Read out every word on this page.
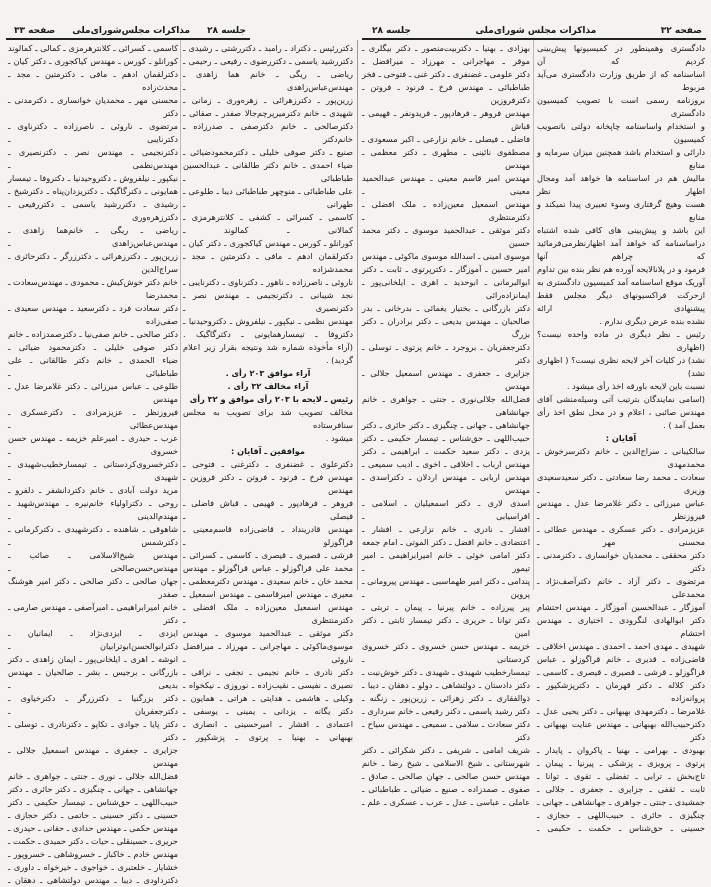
صفحه ۳۳ مذاکرات مجلس‌شورای‌ملی جلسه ۲۸	جلسه ۲۸	مذاکرات مجلس شورای‌ملی	صفحه ۳۲
کاسمی ـ کسرائی ـ کلانترهرمزی ـ کمالی ـ کمالوند
کورانلو ـ کورس ـ مهندس کیاکجوری ـ دکتر کیان ـ
دکترلقمان ادهم ـ مافی ـ دکترمتین ـ مجد ـ محدث‌زاده
محسنی مهر ـ محمدیان خوانساری ـ دکترمدنی ـ دکتر
مرتضوی ـ ناروئی ـ ناصرزاده ـ دکترناوی ـ دکترنایبی ـ
دکترنجیمی ـ مهندس نصر ـ دکترنصیری ـ مهندس‌نظمی ـ
نیکپور ـ نیلفروش ـ دکتروحیدنیا ـ دکتروفا ـ تیمسار
همایونی ـ دکترگاگیک ـ دکتریزدان‌پناه ـ دکترشیخ ـ
رشیدی ـ دکتررشید یاسمی ـ دکتررفیعی ـ دکترزهره‌وری
ریاضی ـ ریگی ـ خانم‌هما زاهدی ـ مهندس‌عباس‌زاهدی ـ
زرین‌پور ـ دکترزهرائی ـ دکترزرگر ـ دکترحائری ـ سراج‌الدین
خانم دکتر خوش‌کیش ـ محمودی ـ مهندس‌سعادت ـ محمدرضا
دکتر سعادت فرد ـ دکترسعید ـ مهندس سعیدی ـ صفی‌زاده
دکتر صالحی ـ خانم صفی‌نیا ـ دکترصمدزاده ـ خانم
دکتر صوفی خلیلی ـ دکترمحمود ضیائی ـ
ضیاء الحمدی ـ خانم دکتر طالقانی ـ علی طباطبائی ـ
طلوعی ـ عباس میرزائی ـ دکتر غلامرضا عدل ـ مهندس
فیروزنظر ـ عزیزمرادی ـ دکترعسکری ـ مهندس‌عطائی ـ
عرب ـ حیدری ـ امیرعلم خزیمه ـ مهندس حسن خسروی ـ
دکترخسروی‌کردستانی ـ تیمسارخطیب‌شهیدی ـ شهیدی ـ
مرید دولت آبادی ـ خانم دکتردانشفر ـ دلفرو ـ
روحی ـ دکتراولیاء خانم‌نیره ـ مهندس‌شهید ـ مهندم‌الدینی ـ
شاهوقی ـ شاهنده ـ دکترشهیدی ـ دکترکرمانی ـ دکترشمس ـ
مهندس شیخ‌الاسلامی ـ صائب ـ مهندس‌حسن‌صالحی ـ
جهان صالحی ـ دکتر صالحی ـ دکتر امیر هوشنگ صفدر
خانم امیرابراهیمی ـ امیرآصفی ـ مهندس صارمی ـ دکتر
ایزدی ـ ایزدی‌نژاد ـ ایمانیان ـ دکترابوالحسن‌ابوترابیان ـ
انوشه ـ اهری ـ ایلخانی‌پور ـ ایمان زاهدی ـ دکتر
بازرگانی ـ برجیس ـ بشر ـ صالحیان ـ مهندس بدیعی ـ
دکتر بزرگنیا ـ دکترزرگر ـ دکترخیاوی ـ دکترجعفریان ـ
دکتر پایا ـ جوادی ـ تکاپو ـ دکترنادری ـ توسلی ـ دکتر
جزایری ـ جعفری ـ مهندس اسمعیل جلالی ـ مهندس
فضل‌الله جلالی ـ نوری ـ جنتی ـ جواهری ـ خانم
جهانشاهی ـ جهانی ـ چنگیزی ـ دکتر حائری ـ دکتر
حبیب‌اللهی ـ حق‌شناس ـ تیمسار حکیمی ـ دکتر
حسینی ـ دکتر حسینی ـ حاتمی ـ دکتر حجازی ـ
مهندس حکمی ـ مهندس حدادی ـ حقانی ـ حیدری ـ
حریری ـ حسینقلی ـ حیات ـ دکتر حمیدی ـ حکمت ـ
مهندس خادم ـ خاکباز ـ خسروشاهی ـ خسروپور ـ
خشایار ـ خلعتبری ـ خواجوی ـ خیرخواه ـ داوری ـ
دکترداودی ـ دیبا ـ مهندس دولتشاهی ـ دهقان ـ
دکتررئیس ـ دکتراد ـ رامبد ـ دکتررشتی ـ رشیدی ـ
دکتررشید یاسمی ـ دکتررضوی ـ رفیعی ـ رحیمی ـ
ریاضی ـ ریگی ـ خانم هما زاهدی ـ مهندس‌عباس‌زاهدی ـ
زرین‌پور ـ دکترزهرائی ـ زهره‌وری ـ زمانی ـ
شهیدی ـ خانم دکترمیرپرچم‌جالا صفدر ـ صفائی ـ
دکترصالحی ـ خانم دکترصفی ـ صدرزاده ـ خانم‌دکتر
صنیع ـ دکتر صوفی خلیلی ـ دکترمحمودضیائی ـ
ضیاء احمدی ـ خانم دکتر طالقانی ـ عبدالحسین طباطبائی ـ
علی طباطبائی ـ منوچهر طباطبائی دیبا ـ طلوعی ـ طهرانی ـ
کاسمی ـ کسرائی ـ کشفی ـ کلانترهرمزی ـ کمالانی ـ کمالوند ـ
کورانلو ـ کورس ـ مهندس کیاکجوری ـ دکتر کیان ـ
دکترلقمان ادهم ـ مافی ـ دکترمتین ـ مجد ـ محمدشزاده
ناروئی ـ ناصرزاده ـ ناهور ـ دکترناوی ـ دکترنایبی ـ
نجد شیبانی ـ دکترنجیمی ـ مهندس نصر ـ دکترنصیری ـ
مهندس نظمی ـ نیکپور ـ نیلفروش ـ دکتروحیدنیا ـ
دکتروفا ـ تیمسارهمایونی ـ دکترگاگیک .
(آراء مأخوذه شماره شد ونتیجه بقرار زیر اعلام
گردید) .
آراء موافق ۲۰۳ رأی .
آراء مخالف ۳۲ رأی .
رئیس ـ لایحه با ۲۰۳ رأی موافق و ۳۲ رأی
مخالف تصویب شد برای تصویب به مجلس سنافرستاده
میشود .
موافقین ـ آقایان :
دکترعلوی ـ غضنفری ـ دکترغنی ـ فتوحی ـ
مهندس فرخ ـ فرنود ـ فروتن ـ دکتر فروزین ـ مهندس
فروهر ـ فرهادپور ـ فهیمی ـ قباش فاضلی ـ فیصلی ـ
مهندس قادرینداد ـ قاضی‌زاده قاسم‌معینی ـ قراگوزلو ـ
قرشی ـ قصیری ـ قیصری ـ کاسمی ـ کسرائی ـ
محمد علی قراگوزلو ـ عباس قراگوزلو ـ مهندس
محمد خان ـ خانم سعیدی ـ مهندس دکترمعظمی ـ
معیری ـ مهندس امیرقاسمی ـ مهندس اسمعیل ـ
مهندس اسمعیل معین‌زاده ـ ملک افضلی ـ دکترمنتظری ـ
دکتر موثقی ـ عبدالحمید موسوی ـ مهندس
موسوی‌ماکوئی ـ مهاجرانی ـ مهرزاد ـ میرافضل ناروئی ـ
دکتر نادری ـ خانم نجیمی ـ نجفی ـ نراقی ـ
نصیری ـ نفیسی ـ نقیب‌زاده ـ نوروزی ـ نیکخواه ـ
وکیلی ـ هاشمی ـ هدایتی ـ هراتی ـ همایون ـ
دکتر یگانه ـ یزدانی ـ یمینی ـ یوسفی ـ
اعتمادی ـ افشار ـ امیرحسینی ـ انصاری ـ
بهبهانی ـ بهنیا ـ پرتوی ـ پزشکپور ـ
بهزادی ـ بهنیا ـ دکتربیت‌منصور ـ دکتر بیگلری ـ
موقر ـ مهاجرانی ـ مهرزاد ـ میرافضل ـ
دکتر علومی ـ غضنفری ـ دکتر غنی ـ فتوحی ـ فخر
طباطبائی ـ مهندس فرخ ـ فرنود ـ فروتن ـ دکترفروزین
مهندس فروهر ـ فرهادپور ـ فریدونفر ـ فهیمی ـ قباش
فاضلی ـ فیصلی ـ خانم نزارعی ـ اکبر مسعودی ـ
مصطفوی نائینی ـ مطهری ـ دکتر معظمی ـ مهندس
مهندس امیر قاسم معینی ـ مهندس عبدالحمید معینی ـ
مهندس اسمعیل معین‌زاده ـ ملک افضلی ـ دکترمنتظری ـ
دکتر موثقی ـ عبدالحمید موسوی ـ دکتر محمد حسین
موسوی امینی ـ اسدالله موسوی ماکوئی ـ مهندس
امیر حسین ـ آموزگار ـ دکترپرتوی ـ ثابت ـ دکتر
ابوالبرمانی ـ ابوحدید ـ اهری ـ ایلخانی‌پور ـ ایمانزاده‌رائی
دکتر بازرگانی ـ بختیار یغمائی ـ بدرخانی ـ بدر
صالحیان ـ مهندس بدیعی ـ دکتر برادران ـ دکتر بزرگ
دکترجعفریان ـ بروجرد ـ خانم پرتوی ـ توسلی ـ دکتر
جزایری ـ جعفری ـ مهندس اسمعیل جلالی ـ مهندس
فضل‌الله جلالی‌نوری ـ جنتی ـ جواهری ـ خانم جهانشاهی
جهانشاهی ـ جهانی ـ چنگیزی ـ دکتر حائری ـ دکتر
حبیب‌اللهی ـ حق‌شناس ـ تیمسار حکیمی ـ دکتر
یزدی ـ دکتر سعید حکمت ـ ابراهیمی ـ دکتر
مهندس ارباب ـ اخلاقی ـ اخوی ـ ادیب سمیعی ـ
مهندس اربابی ـ مهندس اردلان ـ دکتراسدی ـ مهندس
اسدی لاری ـ دکتر اسمعیلیان ـ اسلامی ـ افراسیابی ـ
افشار ـ نادری ـ خانم نزارعی ـ افشار ـ
اعتضادی ـ خانم افضل ـ دکتر الموتی ـ امام جمعه
دکتر امامی خوئی ـ خانم امیرابراهیمی ـ امیر تیمور ـ
پندامی ـ دکتر امیر طهماسبی ـ مهندس پیرومانی ـ پروین ـ
پیر پیرزاده ـ خانم پیرنیا ـ پیمان ـ تربتی ـ
دکتر توانا ـ حریری ـ دکتر تیمسار ثابتی ـ دکتر امین
خزیمه ـ مهندس حسن خسروی ـ دکتر خسروی کردستانی ـ
تیمسارخطیب شهیدی ـ شهیدی ـ دکتر خوش‌نیت ـ
دکتر دادستان ـ دولتشاهی ـ دولو ـ دهقان ـ دیبا ـ
ذوالفقاری ـ دکتر زهرائی ـ زرین‌پور ـ زنگنه ـ
دکتر رشید یاسمی ـ دکتر رفیعی ـ خانم سرداری ـ
دکتر سعادت ـ سلامی ـ سمیعی ـ مهندس سیاح ـ دکتر
شریف امامی ـ شریفی ـ دکتر شکرائی ـ دکتر
شهرستانی ـ شیخ الاسلامی ـ شیخ رضا ـ خانم
مهندس حسن صالحی ـ جهان صالحی ـ صادق ـ
صفوی ـ صمدزاده ـ صنیع ـ ضیائی ـ طباطبائی ـ
عاملی ـ عباسی ـ عدل ـ عرب ـ عسکری ـ علم ـ
دادگستری وهمینطور در کمیسیونها پیش‌بینی کردیم که آن
اساسنامه که از طریق وزارت دادگستری می‌آید مربوط
بروزنامه رسمی است با تصویب کمیسیون دادگستری
و استخدام واساسنامه چاپخانه دولتی باتصویب کمیسیون
دارائی و استخدام باشد همچنین میزان سرمایه و منابع
مالیش هم در اساسنامه ها خواهد آمد ومجال اظهار نظر
هست وهیچ گرفتاری وسوء تعبیری پیدا نمیکند و منابع
این باشد و پیش‌بینی های کافی شده اشتباه
دراساسنامه که خواهد آمد اظهارنظرمی‌فرمائید که چراهم آنها
فرمود و در پلانالایحه آورده هم نظر بنده بین تداوم
آوریک موقع اساسنامه آمد کمیسیون دادگستری به
ازحرکت فراکسیونهای دیگر مجلس فقط پیشنهادی ارائه
نشده بنده عرض دیگری ندارم .
رئیس ـ نظر دیگری در ماده واحده نیست؟ (اظهاری
نشد) در کلیات آخر لایحه نظری نیست؟ ( اظهاری نشد)
نسبت باین لایحه باورقه اخذ رأی میشود .
(اسامی نمایندگان بترتیب آتی وسیله‌منشی آقای
مهندس صائبی ، اعلام و در محل نطق اخذ رأی
بعمل آمد ) .
آقایان :
سالکیبانی ـ سراج‌الدین ـ خانم دکترسرخوش ـ محمدمهدی
سعادت ـ محمد رضا سعادتی ـ دکتر سعیدسعیدی وزیری ـ
عباس میرزائی ـ دکتر غلامرضا عدل ـ مهندس فیروزنظر ـ
عزیزمرادی ـ دکتر عسکری ـ مهندس عطائی ـ محسنی مهر ـ
دکتر محققی ـ محمدیان خوانساری ـ دکترمدنی ـ دکتر
مرتضوی ـ دکتر آزاد ـ خانم دکترآصف‌نژاد ـ محمدعلی
آموزگار ـ عبدالحسین آموزگار ـ مهندس احتشام
دکتر ابوالهادی لنگرودی ـ اختیاری ـ مهندس احتشام
شهیدی ـ مهدی احمد ـ احمدی ـ مهندس اخلاقی ـ
قاضی‌زاده ـ قدیری ـ خانم قراگوزلو ـ عباس
قراگوزلو ـ قرشی ـ قصیری ـ قیصری ـ کاسمی ـ
دکتر کلاله ـ دکتر قهرمان ـ دکترپزشکپور ـ پروانه‌زاده ـ
غلامرضا ـ دکترمهدی بهبهانی ـ دکتر یحیی عدل ـ
دکترحبیب‌الله بهبهانی ـ مهندس عنایت بهبهانی ـ دکتر
بهبودی ـ بهرامی ـ بهنیا ـ پاکروان ـ پایدار ـ
پرتوی ـ پرویزی ـ پزشکی ـ پیرنیا ـ پیمان ـ
تاج‌بخش ـ ترابی ـ تفضلی ـ تقوی ـ توانا ـ
ثابت ـ ثقفی ـ جزایری ـ جعفری ـ جلالی ـ
جمشیدی ـ جنتی ـ جواهری ـ جهانشاهی ـ جهانی ـ
چنگیزی ـ حائری ـ حبیب‌اللهی ـ حجازی ـ
حسینی ـ حق‌شناس ـ حکمت ـ حکیمی ـ
